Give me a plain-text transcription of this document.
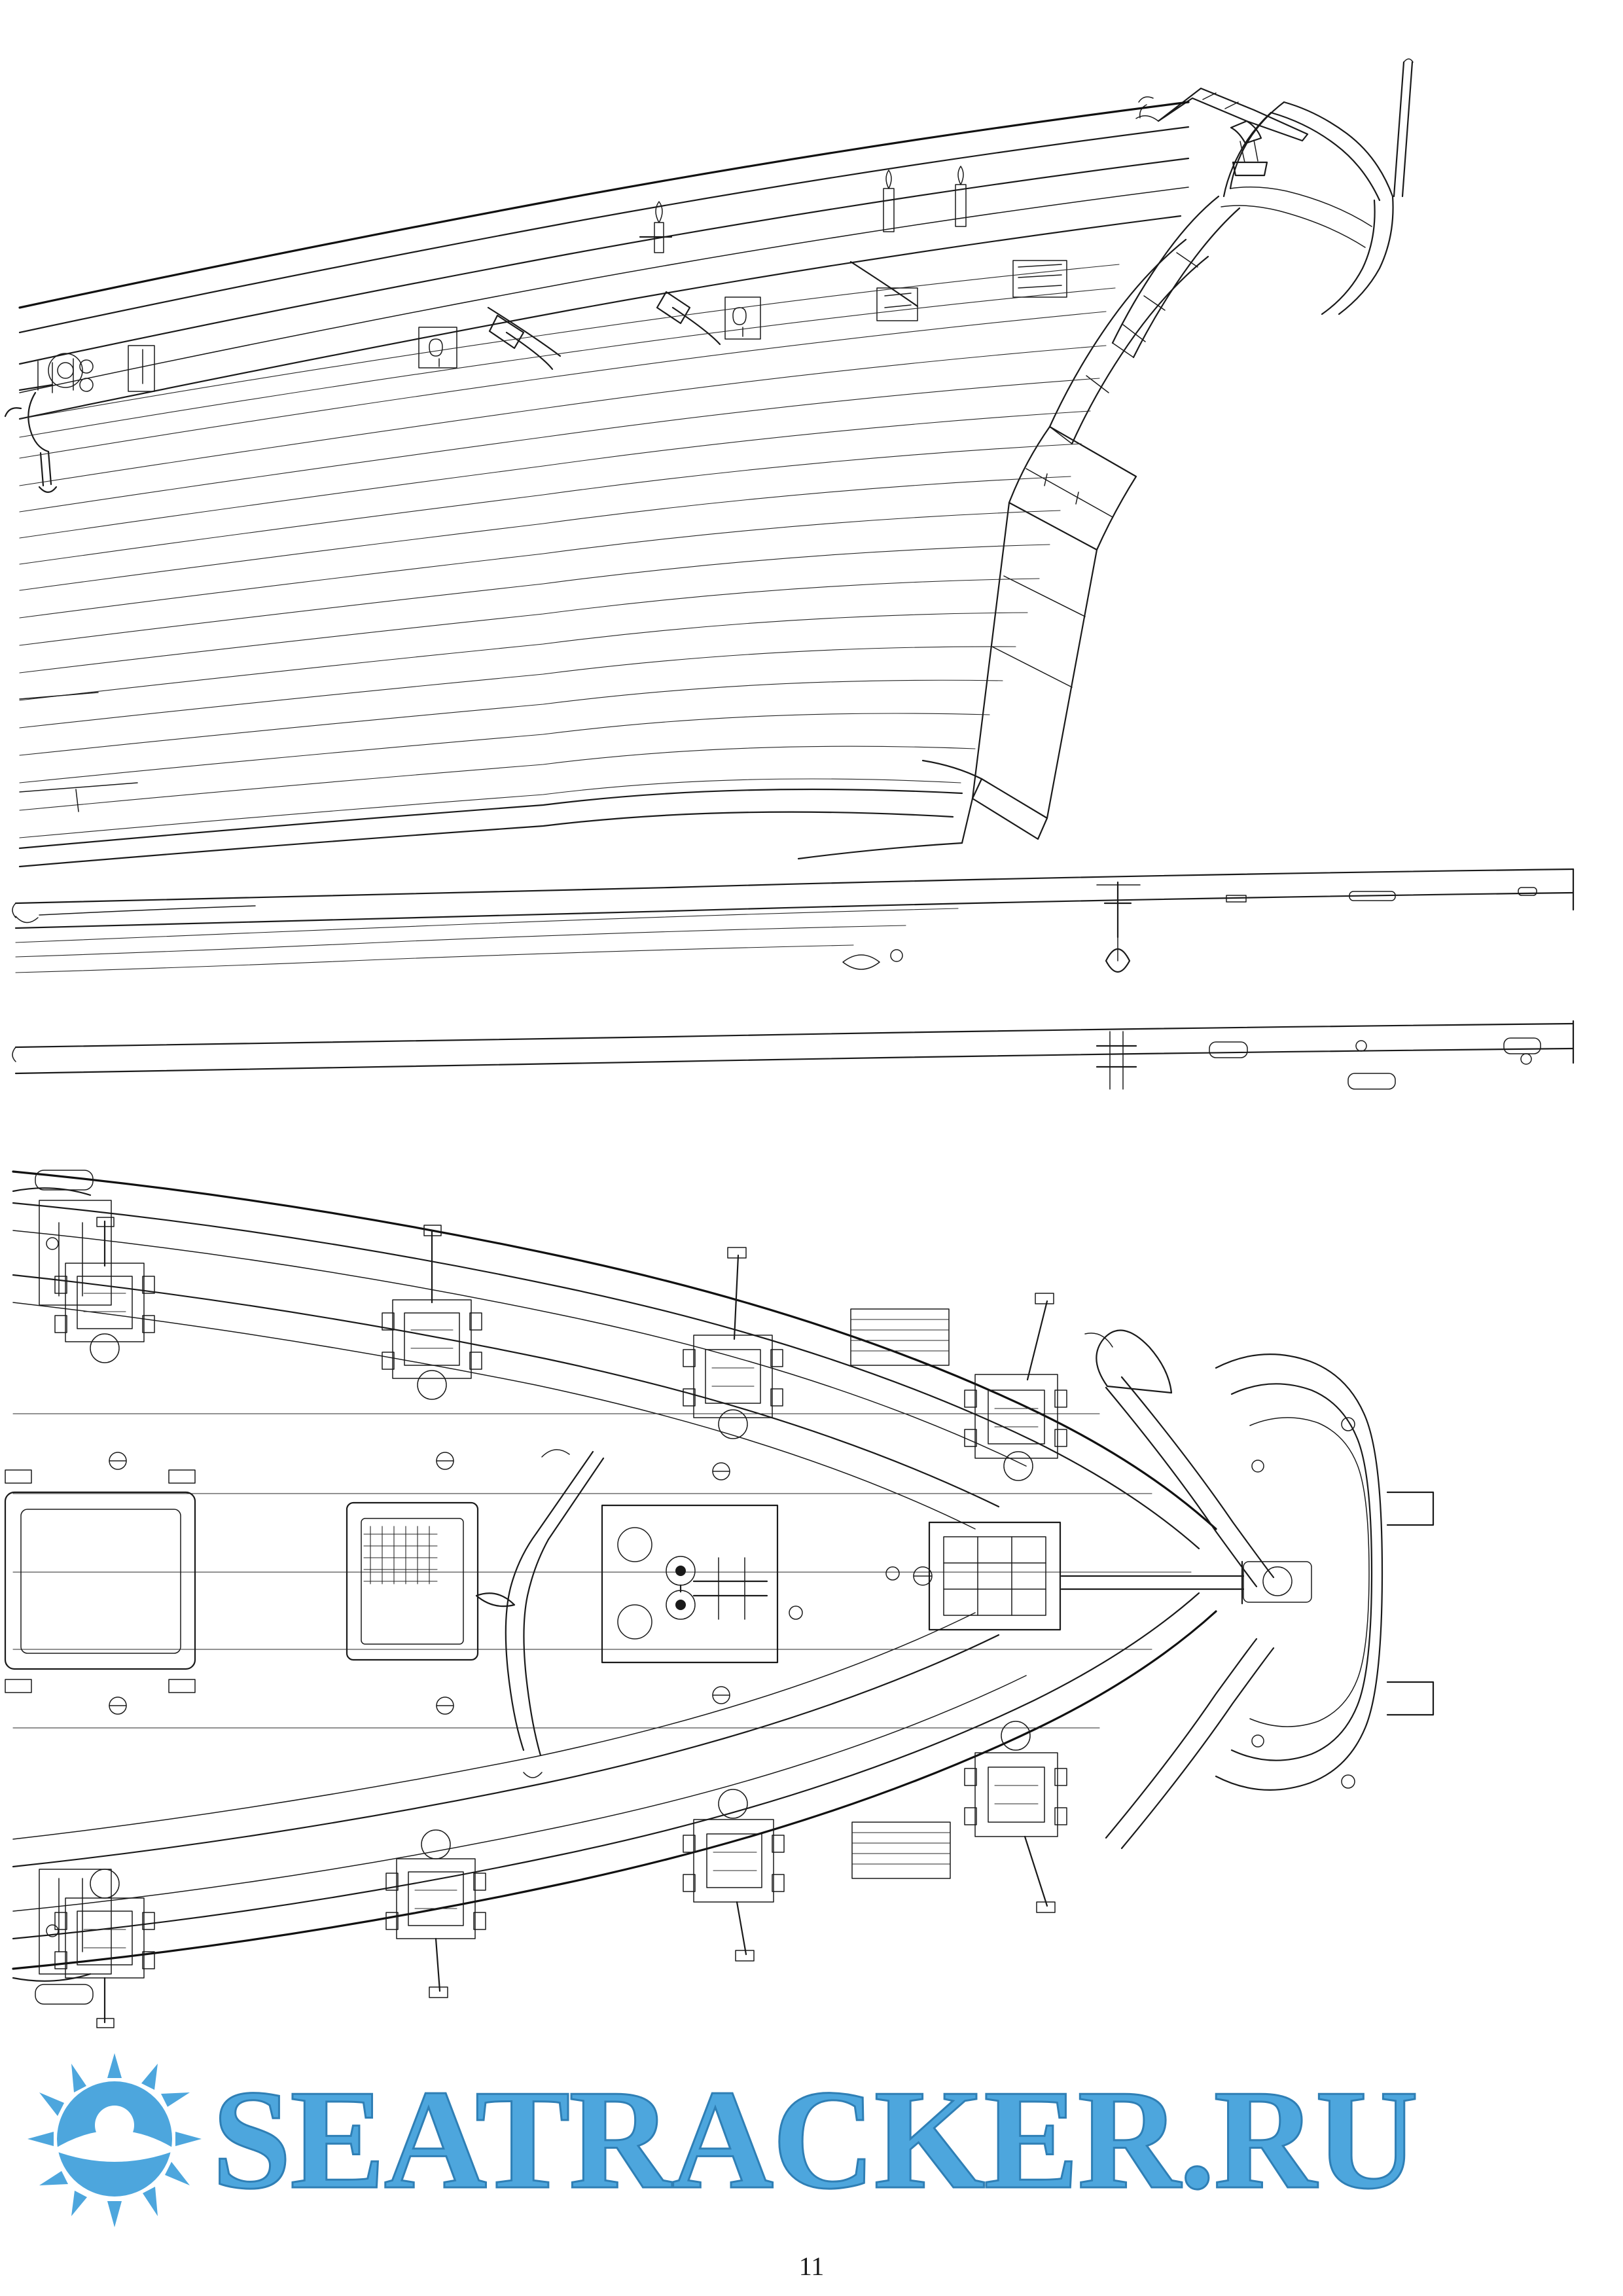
SEATRACKER.RU
11
